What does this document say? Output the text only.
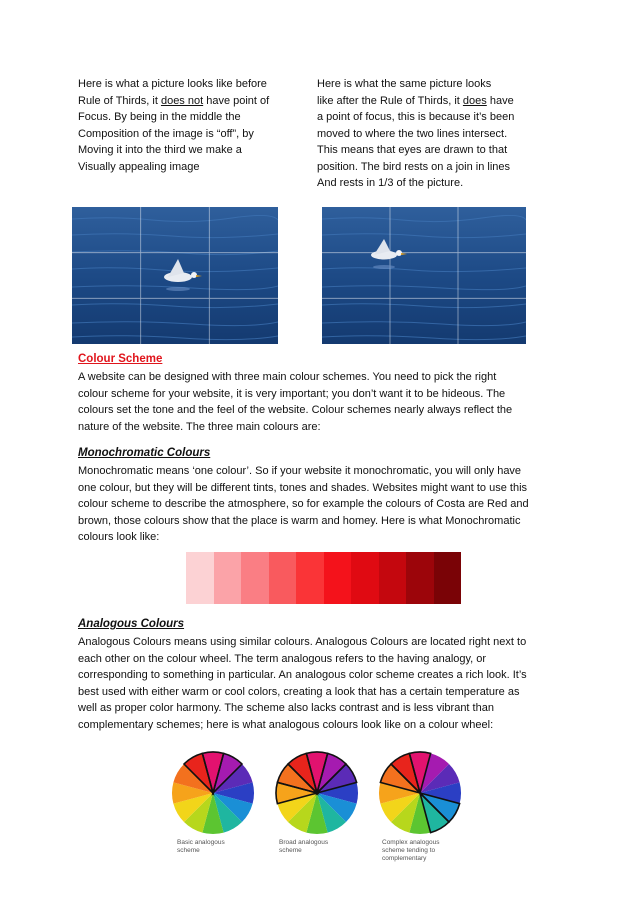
Here is what a picture looks like before
Rule of Thirds, it does not have point of
Focus. By being in the middle the
Composition of the image is “off”, by
Moving it into the third we make a
Visually appealing image
Here is what the same picture looks
like after the Rule of Thirds, it does have
a point of focus, this is because it’s been
moved to where the two lines intersect.
This means that eyes are drawn to that
position. The bird rests on a join in lines
And rests in 1/3 of the picture.
Colour Scheme
A website can be designed with three main colour schemes. You need to pick the right
colour scheme for your website, it is very important; you don’t want it to be hideous. The
colours set the tone and the feel of the website. Colour schemes nearly always reflect the
nature of the website. The three main colours are:
Monochromatic Colours
Monochromatic means ‘one colour’. So if your website it monochromatic, you will only have
one colour, but they will be different tints, tones and shades. Websites might want to use this
colour scheme to describe the atmosphere, so for example the colours of Costa are Red and
brown, those colours show that the place is warm and homey. Here is what Monochromatic
colours look like:
Analogous Colours
Analogous Colours means using similar colours. Analogous Colours are located right next to
each other on the colour wheel. The term analogous refers to the having analogy, or
corresponding to something in particular. An analogous color scheme creates a rich look. It’s
best used with either warm or cool colors, creating a look that has a certain temperature as
well as proper color harmony. The scheme also lacks contrast and is less vibrant than
complementary schemes; here is what analogous colours look like on a colour wheel:
Basic analogous
scheme
Broad analogous
scheme
Complex analogous
scheme tending to
complementary
